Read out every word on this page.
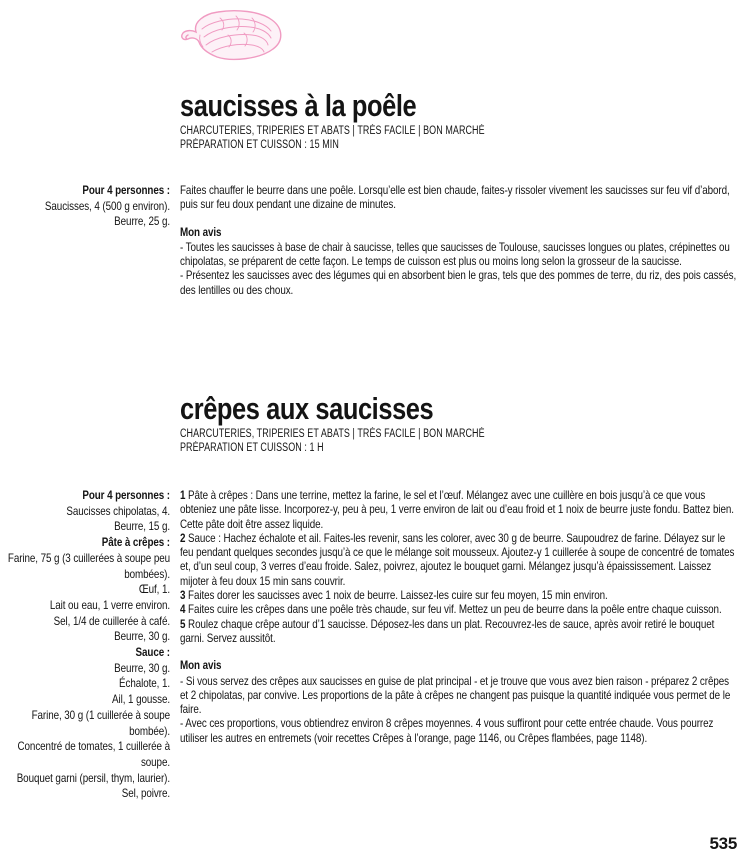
saucisses à la poêle
CHARCUTERIES, TRIPERIES ET ABATS | TRÈS FACILE | BON MARCHÉ
PRÉPARATION ET CUISSON : 15 MIN
Pour 4 personnes :
Saucisses, 4 (500 g environ).
Beurre, 25 g.

Faites chauffer le beurre dans une poêle. Lorsqu’elle est bien chaude, faites-y rissoler vivement les saucisses sur feu vif d’abord, puis sur feu doux pendant une dizaine de minutes.

Mon avis

- Toutes les saucisses à base de chair à saucisse, telles que saucisses de Toulouse, saucisses longues ou plates, crépinettes ou chipolatas, se préparent de cette façon. Le temps de cuisson est plus ou moins long selon la grosseur de la saucisse.

- Présentez les saucisses avec des légumes qui en absorbent bien le gras, tels que des pommes de terre, du riz, des pois cassés, des lentilles ou des choux.

crêpes aux saucisses
CHARCUTERIES, TRIPERIES ET ABATS | TRÈS FACILE | BON MARCHÉ
PRÉPARATION ET CUISSON : 1 H
Pour 4 personnes :
Saucisses chipolatas, 4.
Beurre, 15 g.
Pâte à crêpes :
Farine, 75 g (3 cuillerées à soupe peu bombées).
Œuf, 1.
Lait ou eau, 1 verre environ.
Sel, 1/4 de cuillerée à café.
Beurre, 30 g.
Sauce :
Beurre, 30 g.
Échalote, 1.
Ail, 1 gousse.
Farine, 30 g (1 cuillerée à soupe bombée).
Concentré de tomates, 1 cuillerée à soupe.
Bouquet garni (persil, thym, laurier).
Sel, poivre.

1 Pâte à crêpes : Dans une terrine, mettez la farine, le sel et l’œuf. Mélangez avec une cuillère en bois jusqu’à ce que vous obteniez une pâte lisse. Incorporez-y, peu à peu, 1 verre environ de lait ou d’eau froid et 1 noix de beurre juste fondu. Battez bien. Cette pâte doit être assez liquide.

2 Sauce : Hachez échalote et ail. Faites-les revenir, sans les colorer, avec 30 g de beurre. Saupoudrez de farine. Délayez sur le feu pendant quelques secondes jusqu’à ce que le mélange soit mousseux. Ajoutez-y 1 cuillerée à soupe de concentré de tomates et, d’un seul coup, 3 verres d’eau froide. Salez, poivrez, ajoutez le bouquet garni. Mélangez jusqu’à épaississement. Laissez mijoter à feu doux 15 min sans couvrir.

3 Faites dorer les saucisses avec 1 noix de beurre. Laissez-les cuire sur feu moyen, 15 min environ.

4 Faites cuire les crêpes dans une poêle très chaude, sur feu vif. Mettez un peu de beurre dans la poêle entre chaque cuisson.

5 Roulez chaque crêpe autour d’1 saucisse. Déposez-les dans un plat. Recouvrez-les de sauce, après avoir retiré le bouquet garni. Servez aussitôt.

Mon avis

- Si vous servez des crêpes aux saucisses en guise de plat principal - et je trouve que vous avez bien raison - préparez 2 crêpes et 2 chipolatas, par convive. Les proportions de la pâte à crêpes ne changent pas puisque la quantité indiquée vous permet de le faire.

- Avec ces proportions, vous obtiendrez environ 8 crêpes moyennes. 4 vous suffiront pour cette entrée chaude. Vous pourrez utiliser les autres en entremets (voir recettes Crêpes à l’orange, page 1146, ou Crêpes flambées, page 1148).

535
